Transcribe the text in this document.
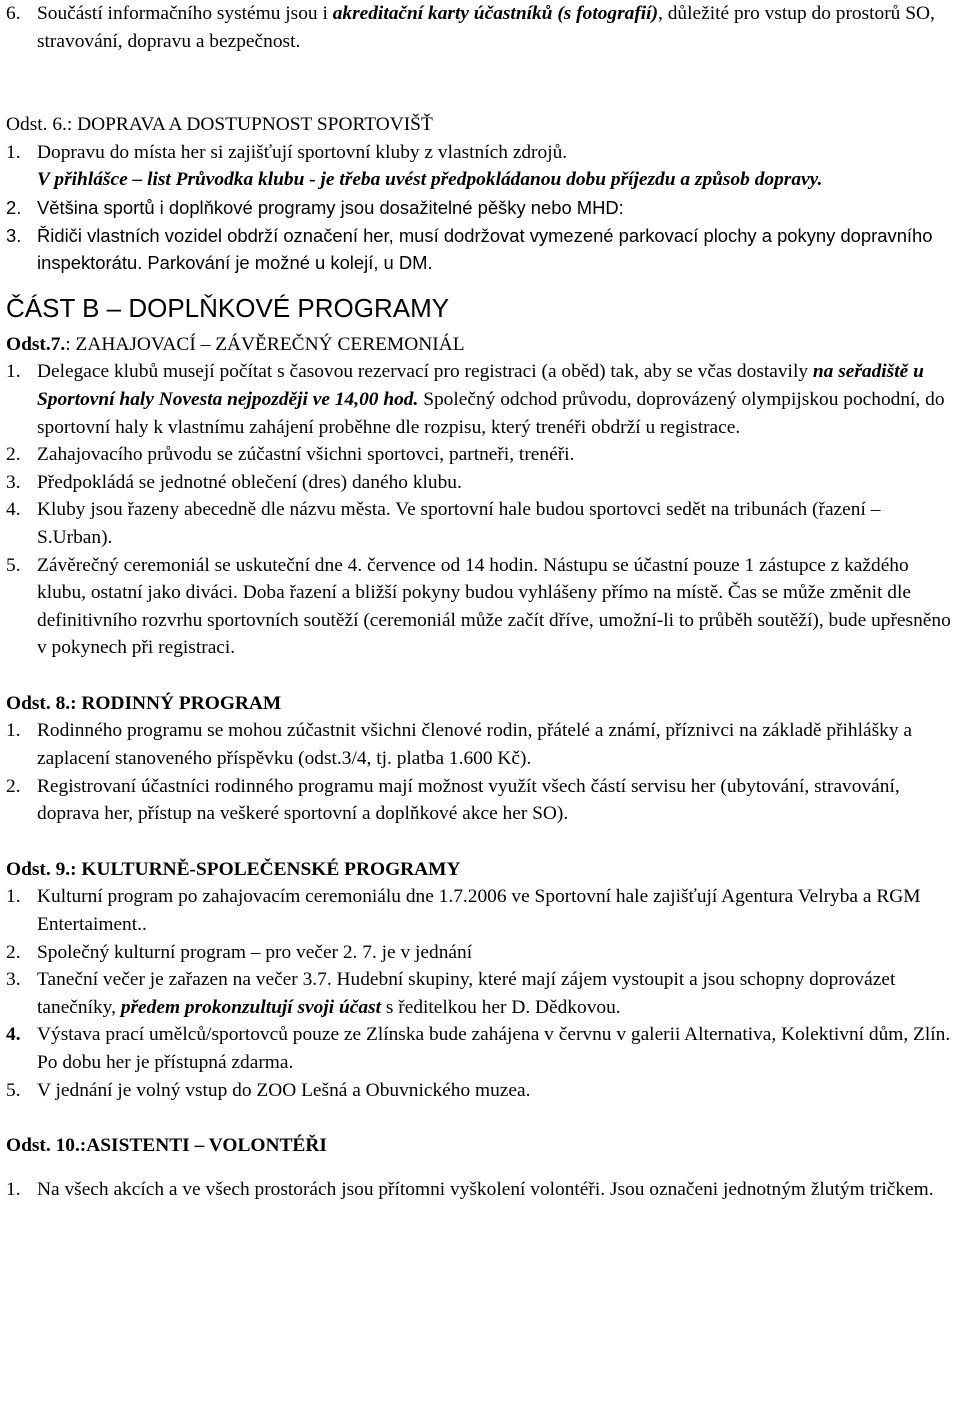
6. Součástí informačního systému jsou i akreditační karty účastníků (s fotografií), důležité pro vstup do prostorů SO, stravování, dopravu a bezpečnost.
Odst. 6.: DOPRAVA A DOSTUPNOST SPORTOVIŠŤ
1. Dopravu do místa her si zajišťují sportovní kluby z vlastních zdrojů.
V přihlášce – list Průvodka klubu - je třeba uvést předpokládanou dobu příjezdu a způsob dopravy.
2. Většina sportů i doplňkové programy jsou dosažitelné pěšky nebo MHD:
3. Řidiči vlastních vozidel obdrží označení her, musí dodržovat vymezené parkovací plochy a pokyny dopravního inspektorátu. Parkování je možné u kolejí, u DM.
ČÁST B – DOPLŇKOVÉ PROGRAMY
Odst.7.: ZAHAJOVACÍ – ZÁVĚREČNÝ CEREMONIÁL
1. Delegace klubů musejí počítat s časovou rezervací pro registraci (a oběd) tak, aby se včas dostavily na seřadiště u Sportovní haly Novesta nejpozději ve 14,00 hod. Společný odchod průvodu, doprovázený olympijskou pochodní, do sportovní haly k vlastnímu zahájení proběhne dle rozpisu, který trenéři obdrží u registrace.
2. Zahajovacího průvodu se zúčastní všichni sportovci, partneři, trenéři.
3. Předpokládá se jednotné oblečení (dres) daného klubu.
4. Kluby jsou řazeny abecedně dle názvu města. Ve sportovní hale budou sportovci sedět na tribunách (řazení – S.Urban).
5. Závěrečný ceremoniál se uskuteční dne 4. července od 14 hodin. Nástupu se účastní pouze 1 zástupce z každého klubu, ostatní jako diváci. Doba řazení a bližší pokyny budou vyhlášeny přímo na místě. Čas se může změnit dle definitivního rozvrhu sportovních soutěží (ceremoniál může začít dříve, umožní-li to průběh soutěží), bude upřesněno v pokynech při registraci.
Odst. 8.: RODINNÝ PROGRAM
1. Rodinného programu se mohou zúčastnit všichni členové rodin, přátelé a známí, příznivci na základě přihlášky a zaplacení stanoveného příspěvku (odst.3/4, tj. platba 1.600 Kč).
2. Registrovaní účastníci rodinného programu mají možnost využít všech částí servisu her (ubytování, stravování, doprava her, přístup na veškeré sportovní a doplňkové akce her SO).
Odst. 9.: KULTURNĚ-SPOLEČENSKÉ PROGRAMY
1. Kulturní program po zahajovacím ceremoniálu dne 1.7.2006 ve Sportovní hale zajišťují Agentura Velryba a RGM Entertaiment..
2. Společný kulturní program – pro večer 2. 7. je v jednání
3. Taneční večer je zařazen na večer 3.7. Hudební skupiny, které mají zájem vystoupit a jsou schopny doprovázet tanečníky, předem prokonzultují svoji účast s ředitelkou her D. Dědkovou.
4. Výstava prací umělců/sportovců pouze ze Zlínska bude zahájena v červnu v galerii Alternativa, Kolektivní dům, Zlín. Po dobu her je přístupná zdarma.
5. V jednání je volný vstup do ZOO Lešná a Obuvnického muzea.
Odst. 10.:ASISTENTI – VOLONTÉŘI
1. Na všech akcích a ve všech prostorách jsou přítomni vyškolení volontéři. Jsou označeni jednotným žlutým tričkem.
